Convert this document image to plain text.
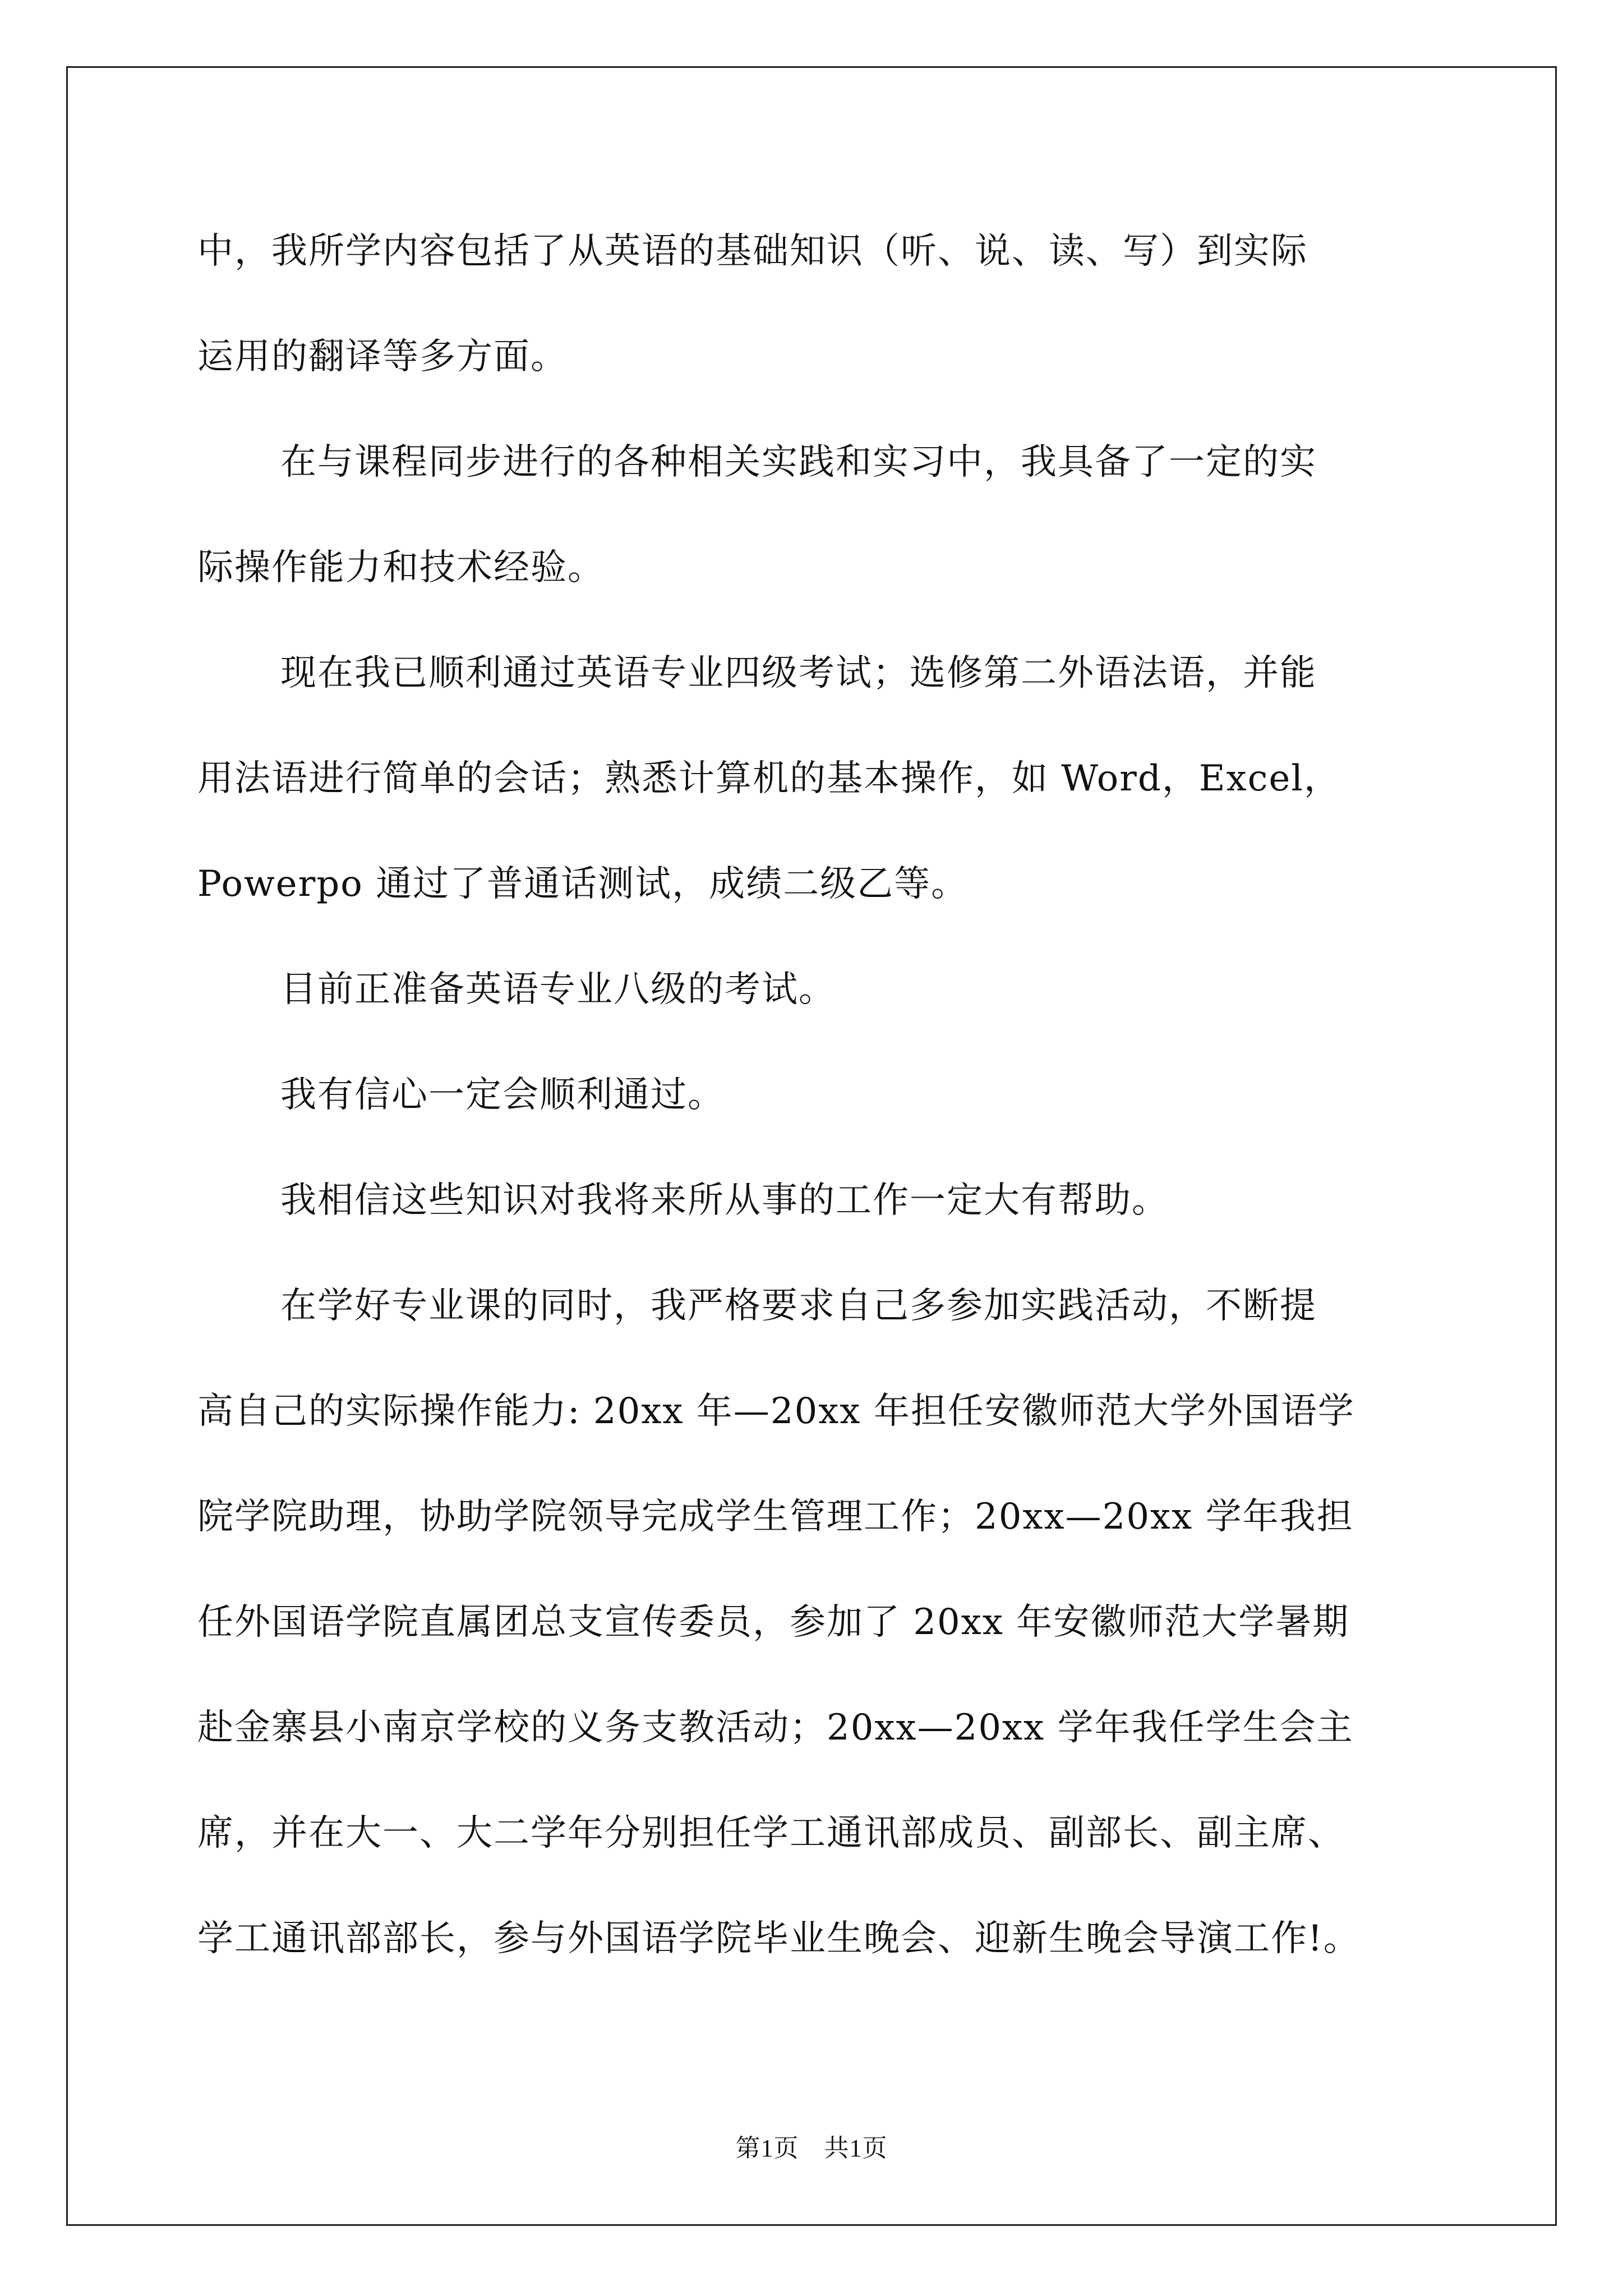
中，我所学内容包括了从英语的基础知识（听、说、读、写）到实际
运用的翻译等多方面。
在与课程同步进行的各种相关实践和实习中，我具备了一定的实
际操作能力和技术经验。
现在我已顺利通过英语专业四级考试；选修第二外语法语，并能
用法语进行简单的会话；熟悉计算机的基本操作，如 Word，Excel，
Powerpo 通过了普通话测试，成绩二级乙等。
目前正准备英语专业八级的考试。
我有信心一定会顺利通过。
我相信这些知识对我将来所从事的工作一定大有帮助。
在学好专业课的同时，我严格要求自己多参加实践活动，不断提
高自己的实际操作能力: 20xx 年—20xx 年担任安徽师范大学外国语学
院学院助理，协助学院领导完成学生管理工作；20xx—20xx 学年我担
任外国语学院直属团总支宣传委员，参加了 20xx 年安徽师范大学暑期
赴金寨县小南京学校的义务支教活动；20xx—20xx 学年我任学生会主
席，并在大一、大二学年分别担任学工通讯部成员、副部长、副主席、
学工通讯部部长，参与外国语学院毕业生晚会、迎新生晚会导演工作!。
第1页　共1页
